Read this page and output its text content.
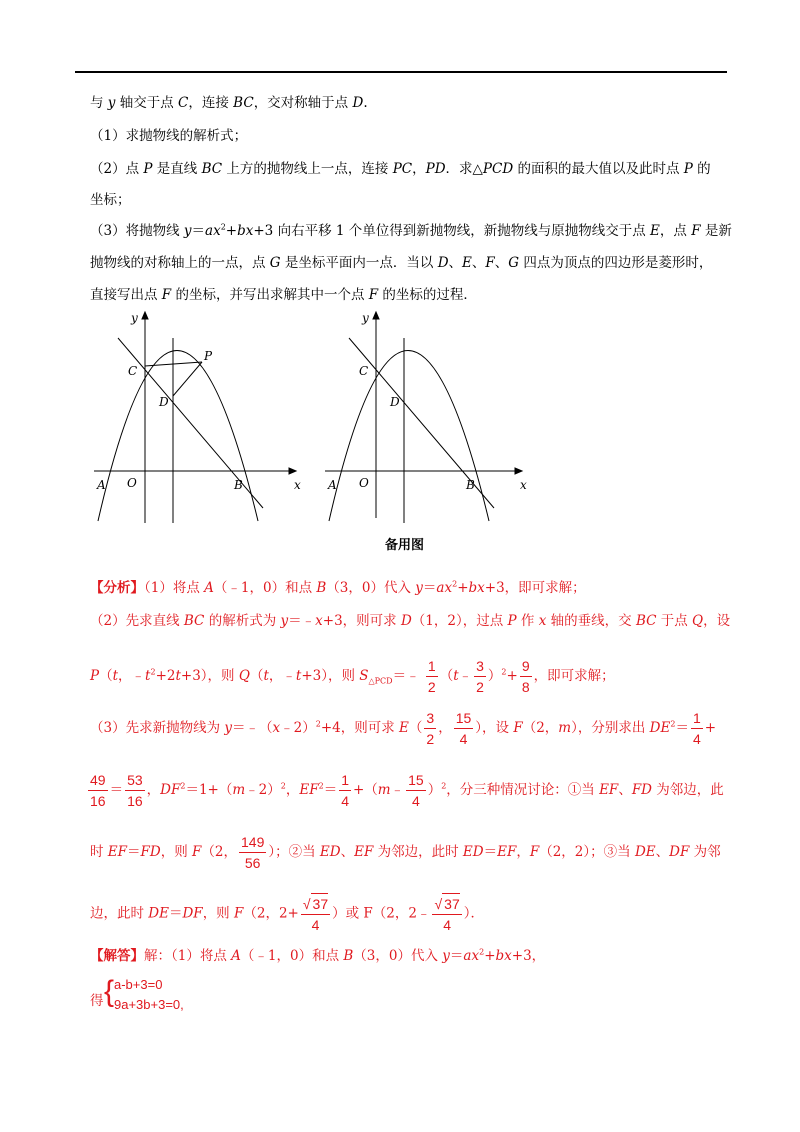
与 y 轴交于点 C，连接 BC，交对称轴于点 D.
（1）求抛物线的解析式；
（2）点 P 是直线 BC 上方的抛物线上一点，连接 PC，PD．求△PCD 的面积的最大值以及此时点 P 的
坐标；
（3）将抛物线 $y=ax^2+bx+3$ 向右平移 1 个单位得到新抛物线，新抛物线与原抛物线交于点 E，点 F 是新
抛物线的对称轴上的一点，点 G 是坐标平面内一点．当以 D、E、F、G 四点为顶点的四边形是菱形时，
直接写出点 F 的坐标，并写出求解其中一个点 F 的坐标的过程．
y
x
A O	B
C
D
P
y
x
A O	B
C
D
备用图
【分析】（1）将点 A（﹣1，0）和点 B（3，0）代入 $y=ax^2+bx+3$，即可求解；
（2）先求直线 BC 的解析式为 y＝﹣x+3，则可求 D（1，2），过点 P 作 x 轴的垂线，交 BC 于点 Q，设
P（t，$﹣t^2+2t+3$），则 Q（t，﹣t+3），则 $S_{\triangle PCD}=﹣ \frac{1}{2}$ （t﹣ $\frac{3}{2} )^2+ \frac{9}{8}$ ，即可求解；
（3）先求新抛物线为 y＝﹣（x﹣2）$^2$+4，则可求 $E( \frac{3}{2}$ ， $\frac{15}{4}$ ），设 F（2，m），分别求出 $DE^2= \frac{1}{4}$ +
$\frac{49}{16} = \frac{53}{16}$ ，$DF^2=1+(m﹣2)^2$，$EF^2= \frac{1}{4}$ +（m﹣ $\frac{15}{4} )^2$，分三种情况讨论：①当 EF、FD 为邻边，此
时 EF＝FD，则 F（2， $\frac{149}{56}$ ）；②当 ED、EF 为邻边，此时 ED＝EF，F（2，2）；③当 DE、DF 为邻
边，此时 DE＝DF，则 F（2，$2+ \frac{√ 37}{4}$ ）或 F（2，2﹣ $\frac{√ 37}{4}$ ）．
【解答】解：（1）将点 A（﹣1，0）和点 B（3，0）代入 $y=ax^2+bx+3$，
得 { a-b+3=0
9a+3b+3=0,
